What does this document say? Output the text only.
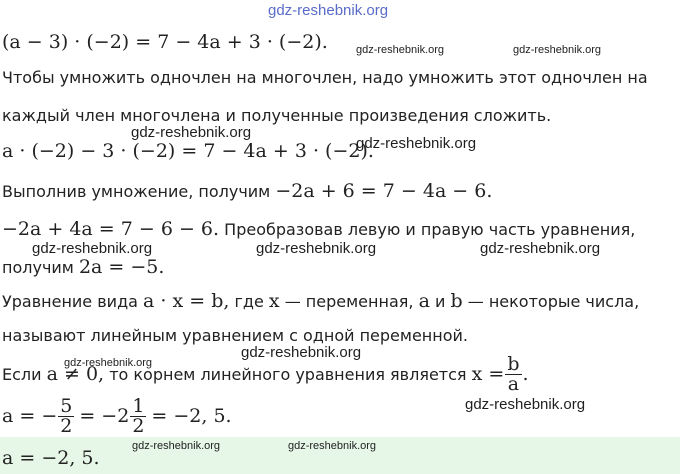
gdz-reshebnik.org
(a − 3) · (−2) = 7 − 4a + 3 · (−2).	gdz-reshebnik.org	gdz-reshebnik.org
Чтобы умножить одночлен на многочлен, надо умножить этот одночлен на
каждый член многочлена и полученные произведения сложить.
gdz-reshebnik.org
a · (−2) − 3 · (−2) = 7 − 4a + 3 · (−2).
gdz-reshebnik.org
Выполнив умножение, получим −2a + 6 = 7 − 4a − 6.
−2a + 4a = 7 − 6 − 6. Преобразовав левую и правую часть уравнения,
gdz-reshebnik.org	gdz-reshebnik.org	gdz-reshebnik.org
получим 2a = −5.
Уравнение вида a · x = b, где x — переменная, a и b — некоторые числа,
называют линейным уравнением с одной переменной.
gdz-reshebnik.org
gdz-reshebnik.org
Если
a ≠ 0,
то корнем линейного уравнения является
$x = \frac{b}{a}$ .
gdz-reshebnik.org
a = − $\frac{5}{2} = -2 \frac{1}{2} = -2$, 5.
a = −2, 5.
gdz-reshebnik.org	gdz-reshebnik.org
